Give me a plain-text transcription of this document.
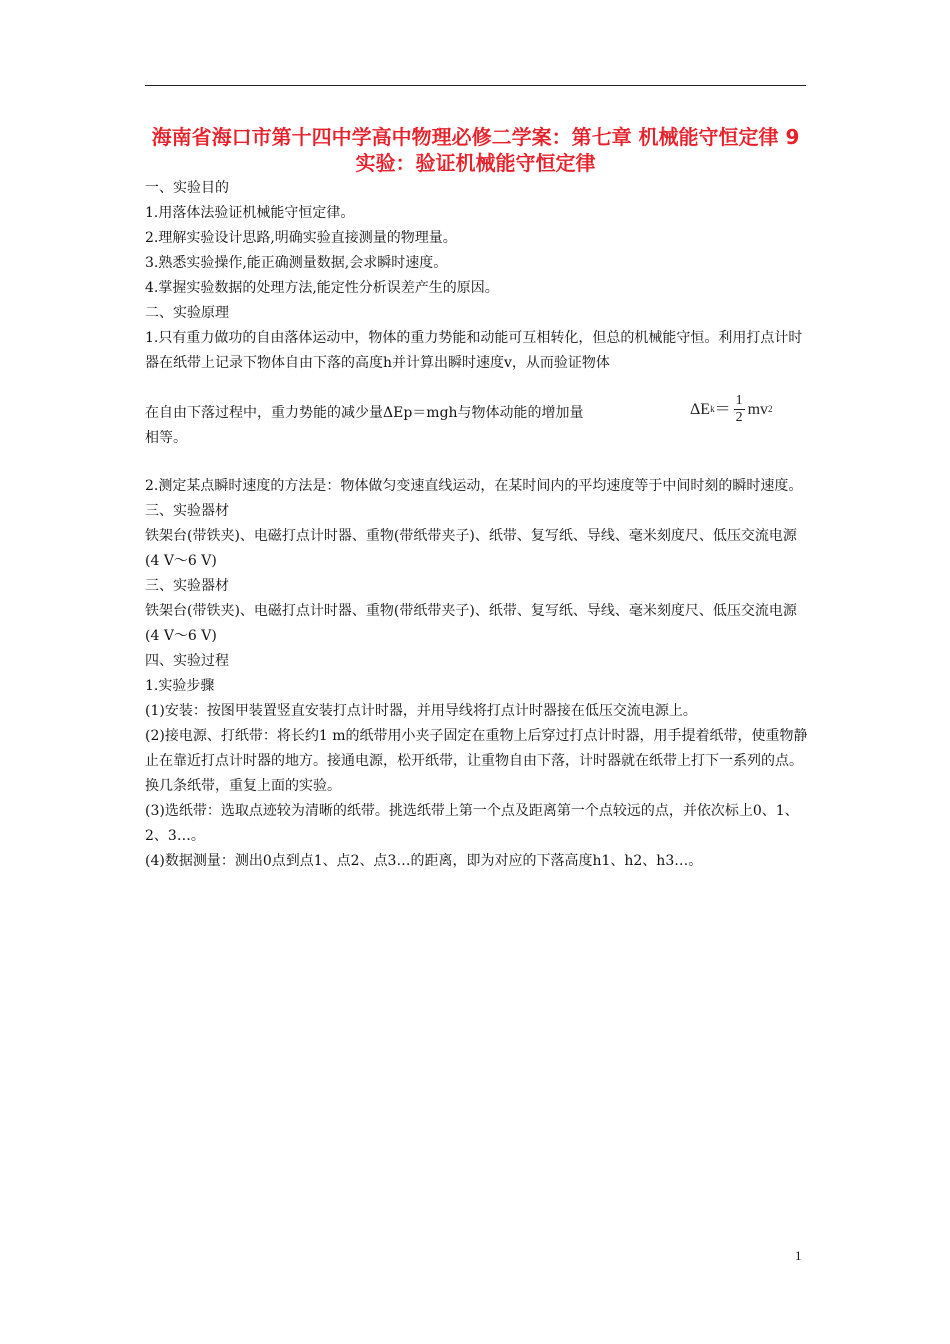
海南省海口市第十四中学高中物理必修二学案：第七章 机械能守恒定律 9实验：验证机械能守恒定律

一、实验目的

1.用落体法验证机械能守恒定律。

2.理解实验设计思路,明确实验直接测量的物理量。

3.熟悉实验操作,能正确测量数据,会求瞬时速度。

4.掌握实验数据的处理方法,能定性分析误差产生的原因。

二、实验原理

1.只有重力做功的自由落体运动中，物体的重力势能和动能可互相转化，但总的机械能守恒。利用打点计时器在纸带上记录下物体自由下落的高度h并计算出瞬时速度v，从而验证物体

在自由下落过程中，重力势能的减少量ΔEp＝mgh与物体动能的增加量

相等。

ΔE $k = \frac{1}{2}$ mv 2

2.测定某点瞬时速度的方法是：物体做匀变速直线运动，在某时间内的平均速度等于中间时刻的瞬时速度。

三、实验器材

铁架台(带铁夹)、电磁打点计时器、重物(带纸带夹子)、纸带、复写纸、导线、毫米刻度尺、低压交流电源(4 V～6 V)

三、实验器材

铁架台(带铁夹)、电磁打点计时器、重物(带纸带夹子)、纸带、复写纸、导线、毫米刻度尺、低压交流电源(4 V～6 V)

四、实验过程

1.实验步骤

(1)安装：按图甲装置竖直安装打点计时器，并用导线将打点计时器接在低压交流电源上。

(2)接电源、打纸带：将长约1 m的纸带用小夹子固定在重物上后穿过打点计时器，用手提着纸带，使重物静止在靠近打点计时器的地方。接通电源，松开纸带，让重物自由下落，计时器就在纸带上打下一系列的点。换几条纸带，重复上面的实验。

(3)选纸带：选取点迹较为清晰的纸带。挑选纸带上第一个点及距离第一个点较远的点，并依次标上0、1、2、3…。

(4)数据测量：测出0点到点1、点2、点3…的距离，即为对应的下落高度h1、h2、h3…。

1
